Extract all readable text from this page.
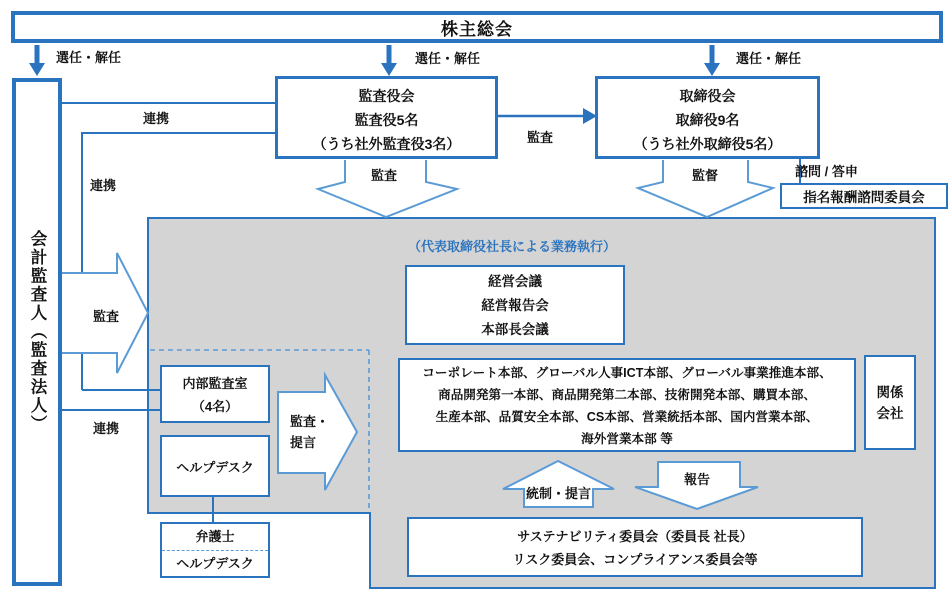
株主総会
会計監査人（監査法人）
監査役会
監査役5名
（うち社外監査役3名）
取締役会
取締役9名
（うち社外取締役5名）
指名報酬諮問委員会
経営会議
経営報告会
本部長会議
コーポレート本部、グローバル人事ICT本部、グローバル事業推進本部、
商品開発第一本部、商品開発第二本部、技術開発本部、購買本部、
生産本部、品質安全本部、CS本部、営業統括本部、国内営業本部、
海外営業本部 等
関係
会社
内部監査室
（4名）
ヘルプデスク
弁護士
ヘルプデスク
サステナビリティ委員会（委員長 社長）
リスク委員会、コンプライアンス委員会等
選任・解任	選任・解任	選任・解任
連携
連携
連携
監査
監査	監督
監査
諮問 / 答申
監査・
提言
統制・提言
報告
（代表取締役社長による業務執行）
